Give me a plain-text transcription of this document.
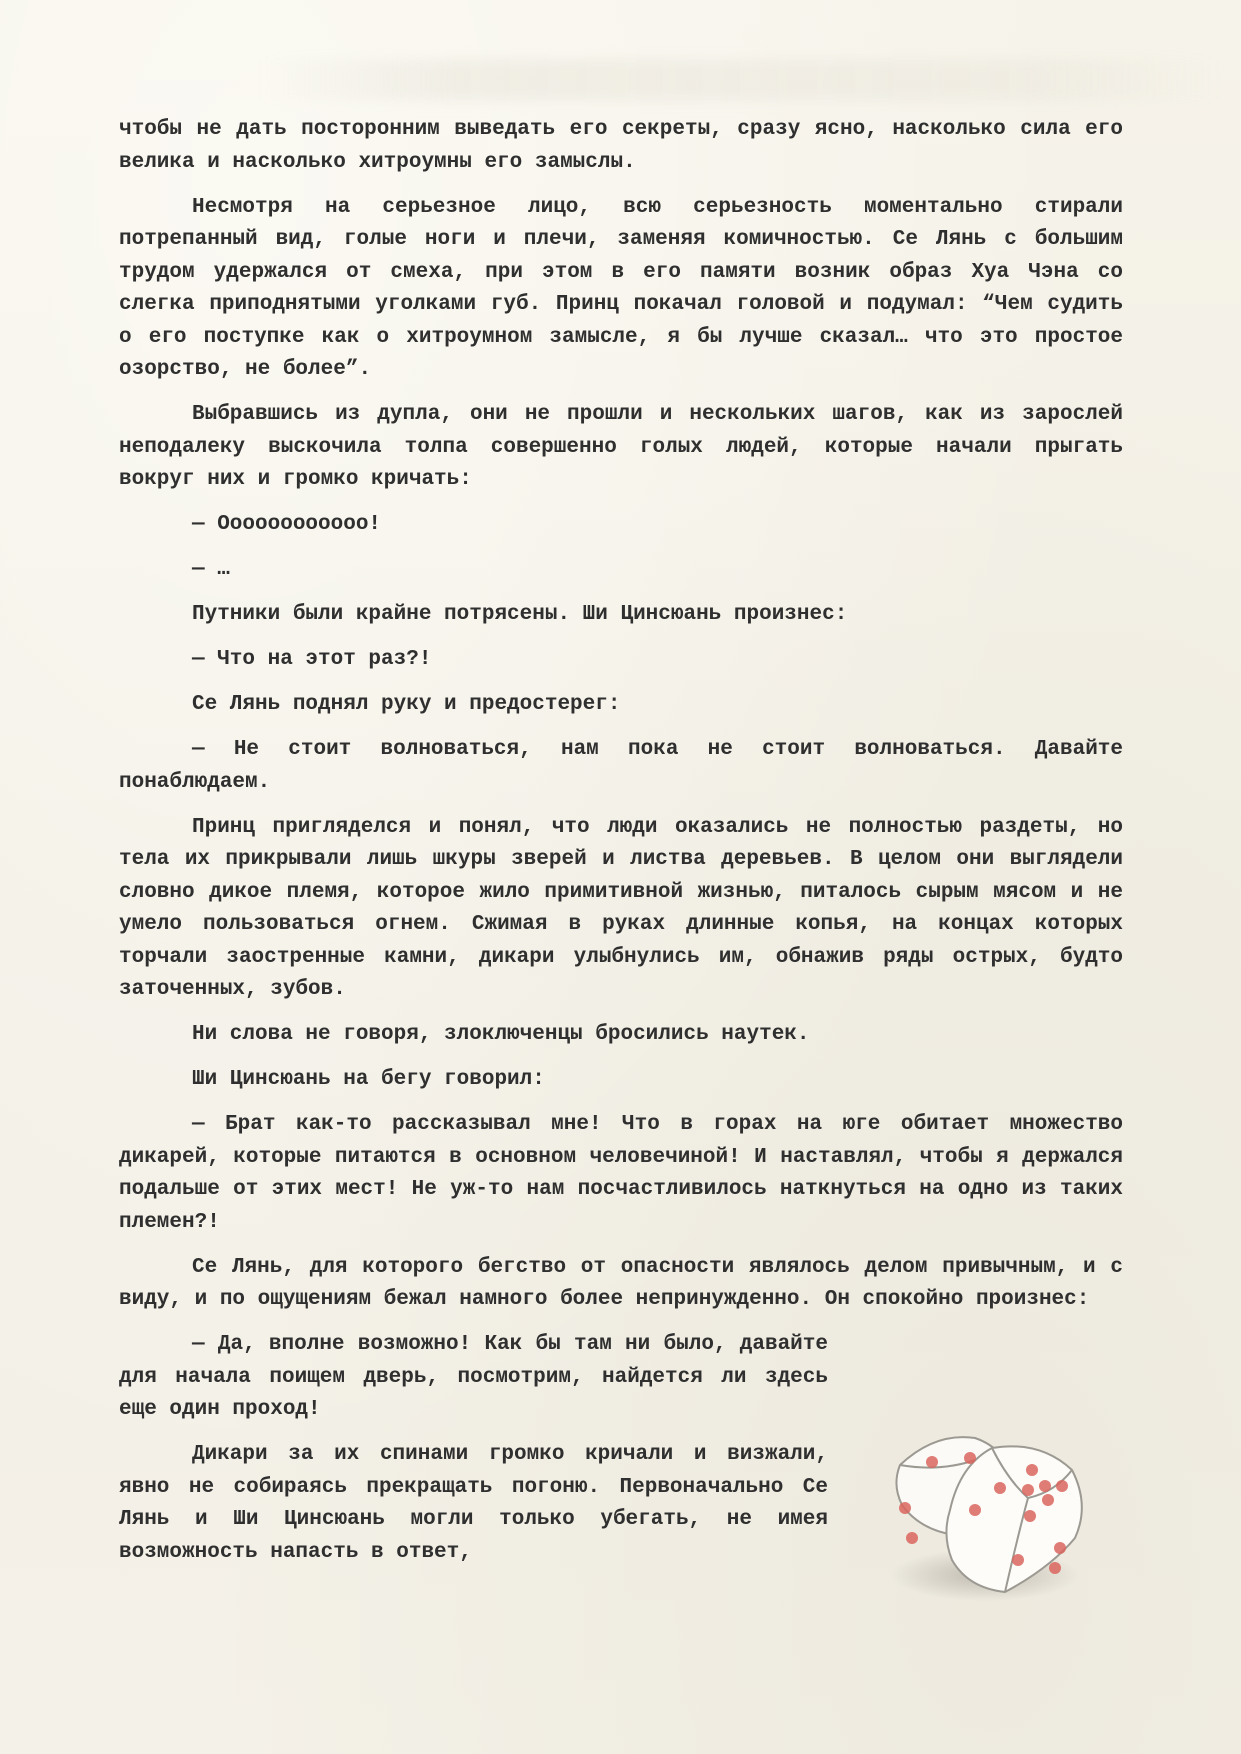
чтобы не дать посторонним выведать его секреты, сразу ясно, насколько сила его велика и насколько хитроумны его замыслы.

Несмотря на серьезное лицо, всю серьезность моментально стирали потрепанный вид, голые ноги и плечи, заменяя комичностью. Се Лянь с большим трудом удержался от смеха, при этом в его памяти возник образ Хуа Чэна со слегка приподнятыми уголками губ. Принц покачал головой и подумал: “Чем судить о его поступке как о хитроумном замысле, я бы лучше сказал… что это простое озорство, не более”.

Выбравшись из дупла, они не прошли и нескольких шагов, как из зарослей неподалеку выскочила толпа совершенно голых людей, которые начали прыгать вокруг них и громко кричать:

— Оооооооооооо!

— …

Путники были крайне потрясены. Ши Цинсюань произнес:

— Что на этот раз?!

Се Лянь поднял руку и предостерег:

— Не стоит волноваться, нам пока не стоит волноваться. Давайте понаблюдаем.

Принц пригляделся и понял, что люди оказались не полностью раздеты, но тела их прикрывали лишь шкуры зверей и листва деревьев. В целом они выглядели словно дикое племя, которое жило примитивной жизнью, питалось сырым мясом и не умело пользоваться огнем. Сжимая в руках длинные копья, на концах которых торчали заостренные камни, дикари улыбнулись им, обнажив ряды острых, будто заточенных, зубов.

Ни слова не говоря, злоключенцы бросились наутек.

Ши Цинсюань на бегу говорил:

— Брат как-то рассказывал мне! Что в горах на юге обитает множество дикарей, которые питаются в основном человечиной! И наставлял, чтобы я держался подальше от этих мест! Не уж-то нам посчастливилось наткнуться на одно из таких племен?!

Се Лянь, для которого бегство от опасности являлось делом привычным, и с виду, и по ощущениям бежал намного более непринужденно. Он спокойно произнес:

— Да, вполне возможно! Как бы там ни было, давайте для начала поищем дверь, посмотрим, найдется ли здесь еще один проход!

Дикари за их спинами громко кричали и визжали, явно не собираясь прекращать погоню. Первоначально Се Лянь и Ши Цинсюань могли только убегать, не имея возможность напасть в ответ,
